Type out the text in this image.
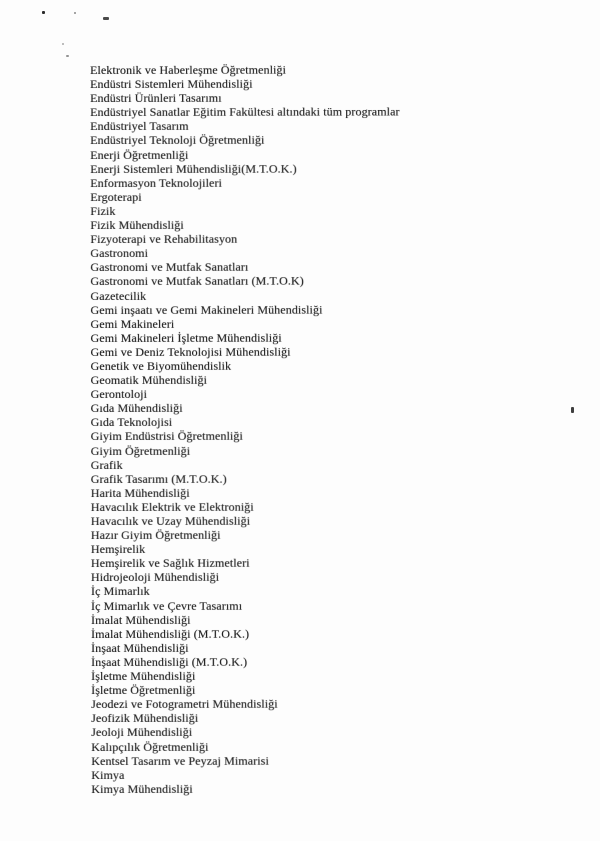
Elektronik ve Haberleşme Öğretmenliği
Endüstri Sistemleri Mühendisliği
Endüstri Ürünleri Tasarımı
Endüstriyel Sanatlar Eğitim Fakültesi altındaki tüm programlar
Endüstriyel Tasarım
Endüstriyel Teknoloji Öğretmenliği
Enerji Öğretmenliği
Enerji Sistemleri Mühendisliği(M.T.O.K.)
Enformasyon Teknolojileri
Ergoterapi
Fizik
Fizik Mühendisliği
Fizyoterapi ve Rehabilitasyon
Gastronomi
Gastronomi ve Mutfak Sanatları
Gastronomi ve Mutfak Sanatları (M.T.O.K)
Gazetecilik
Gemi inşaatı ve Gemi Makineleri Mühendisliği
Gemi Makineleri
Gemi Makineleri İşletme Mühendisliği
Gemi ve Deniz Teknolojisi Mühendisliği
Genetik ve Biyomühendislik
Geomatik Mühendisliği
Gerontoloji
Gıda Mühendisliği
Gıda Teknolojisi
Giyim Endüstrisi Öğretmenliği
Giyim Öğretmenliği
Grafik
Grafik Tasarımı (M.T.O.K.)
Harita Mühendisliği
Havacılık Elektrik ve Elektroniği
Havacılık ve Uzay Mühendisliği
Hazır Giyim Öğretmenliği
Hemşirelik
Hemşirelik ve Sağlık Hizmetleri
Hidrojeoloji Mühendisliği
İç Mimarlık
İç Mimarlık ve Çevre Tasarımı
İmalat Mühendisliği
İmalat Mühendisliği (M.T.O.K.)
İnşaat Mühendisliği
İnşaat Mühendisliği (M.T.O.K.)
İşletme Mühendisliği
İşletme Öğretmenliği
Jeodezi ve Fotogrametri Mühendisliği
Jeofizik Mühendisliği
Jeoloji Mühendisliği
Kalıpçılık Öğretmenliği
Kentsel Tasarım ve Peyzaj Mimarisi
Kimya
Kimya Mühendisliği
